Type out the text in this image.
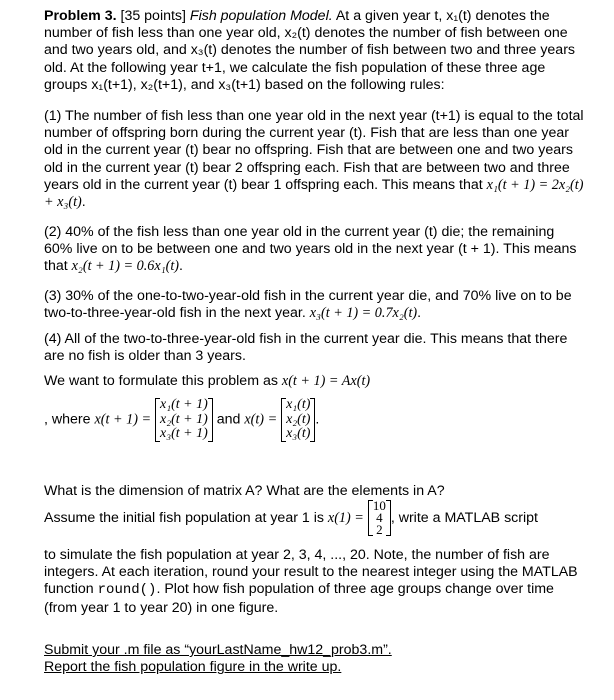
Problem 3. [35 points] Fish population Model. At a given year t, x₁(t) denotes the number of fish less than one year old, x₂(t) denotes the number of fish between one and two years old, and x₃(t) denotes the number of fish between two and three years old. At the following year t+1, we calculate the fish population of these three age groups x₁(t+1), x₂(t+1), and x₃(t+1) based on the following rules:

(1) The number of fish less than one year old in the next year (t+1) is equal to the total number of offspring born during the current year (t). Fish that are less than one year old in the current year (t) bear no offspring. Fish that are between one and two years old in the current year (t) bear 2 offspring each. Fish that are between two and three years old in the current year (t) bear 1 offspring each. This means that x₁(t + 1) = 2x₂(t) + x₃(t).

(2) 40% of the fish less than one year old in the current year (t) die; the remaining 60% live on to be between one and two years old in the next year (t + 1). This means that x₂(t + 1) = 0.6x₁(t).

(3) 30% of the one-to-two-year-old fish in the current year die, and 70% live on to be two-to-three-year-old fish in the next year. x₃(t + 1) = 0.7x₂(t).

(4) All of the two-to-three-year-old fish in the current year die. This means that there are no fish is older than 3 years.

We want to formulate this problem as x(t + 1) = Ax(t)

, where x(t + 1) =
x₁(t + 1)
x₂(t + 1)
x₃(t + 1)
and x(t) =
x₁(t)
x₂(t)
x₃(t)
.

What is the dimension of matrix A? What are the elements in A?

Assume the initial fish population at year 1 is x(1) =
10
4
2
, write a MATLAB script

to simulate the fish population at year 2, 3, 4, ..., 20. Note, the number of fish are integers. At each iteration, round your result to the nearest integer using the MATLAB function round(). Plot how fish population of three age groups change over time (from year 1 to year 20) in one figure.

Submit your .m file as “yourLastName_hw12_prob3.m”.
Report the fish population figure in the write up.
